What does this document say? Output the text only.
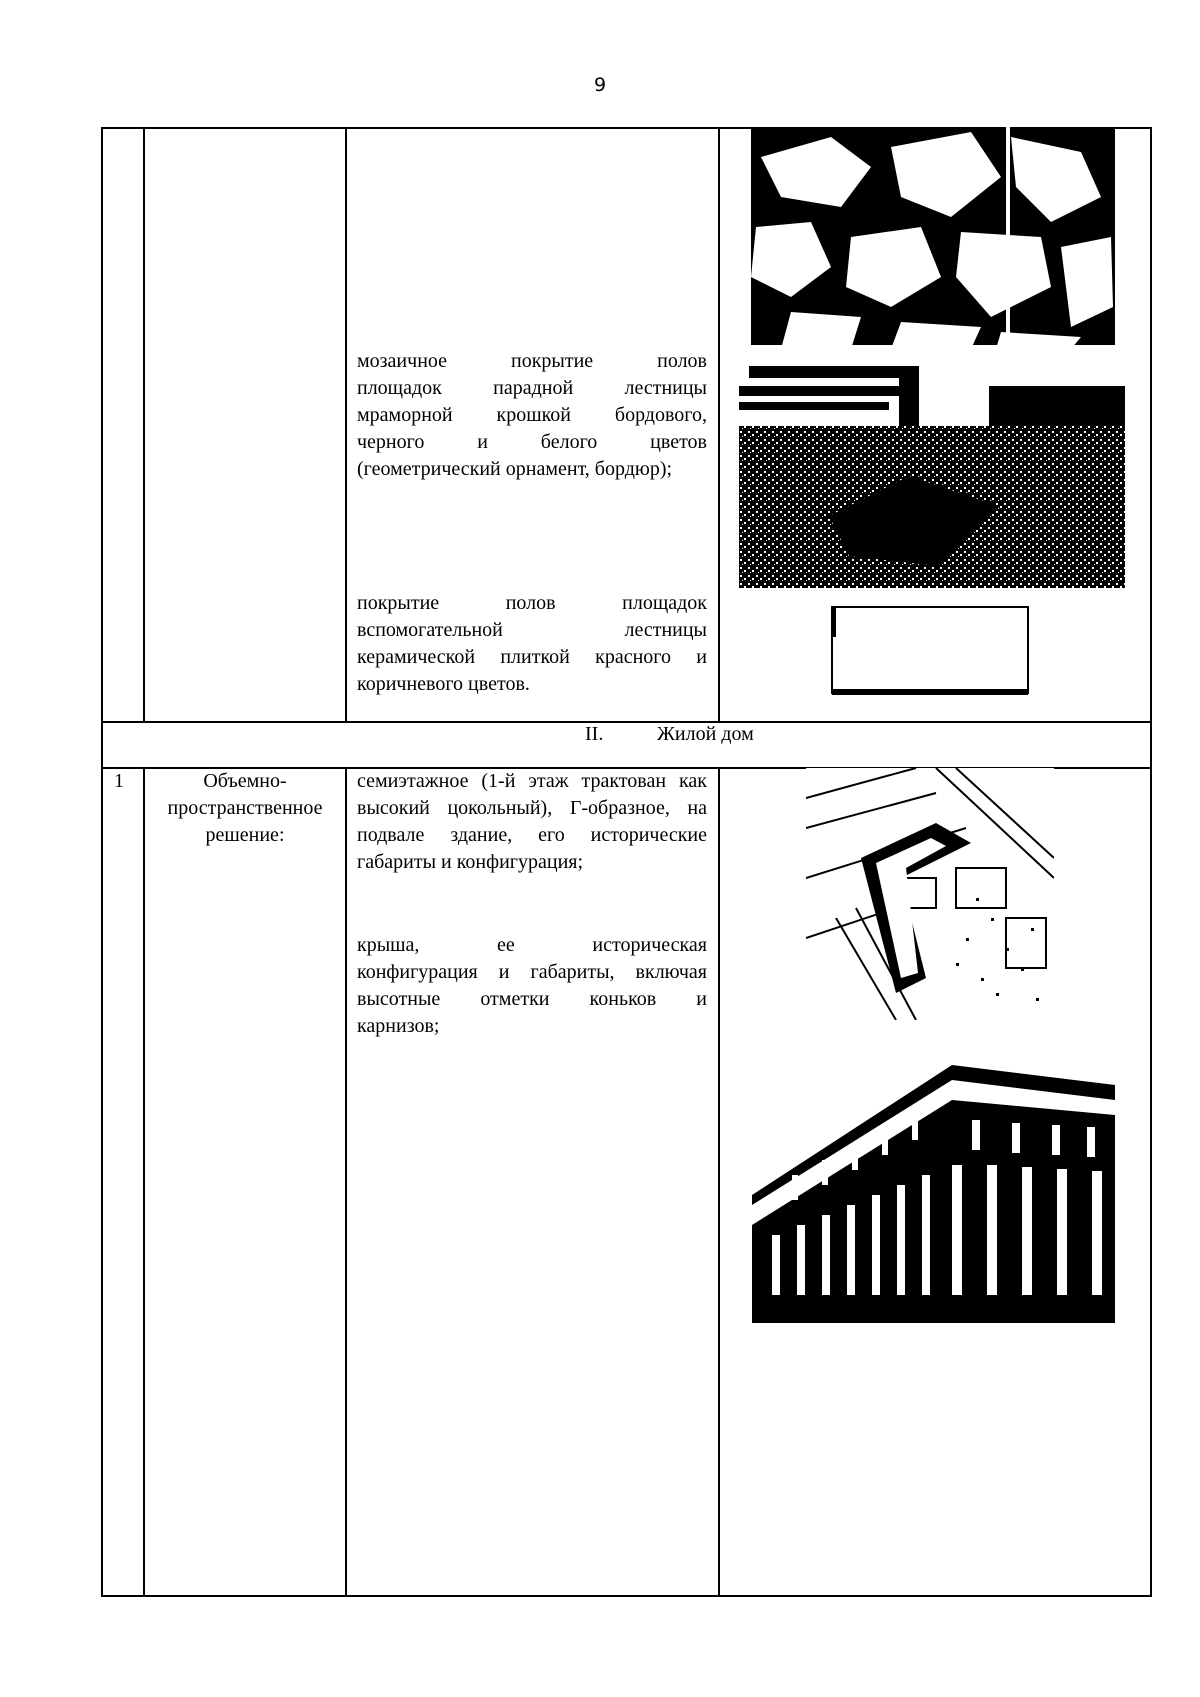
9
мозаичное покрытие полов
площадок парадной лестницы
мраморной крошкой бордового,
черного и белого цветов
(геометрический орнамент, бордюр);
покрытие полов площадок
вспомогательной лестницы
керамической плиткой красного и
коричневого цветов.
II.	Жилой дом
1	Объемно-
пространственное
решение:
семиэтажное (1-й этаж трактован как
высокий цокольный), Г-образное, на
подвале здание, его исторические
габариты и конфигурация;
крыша, ее историческая
конфигурация и габариты, включая
высотные отметки коньков и
карнизов;
